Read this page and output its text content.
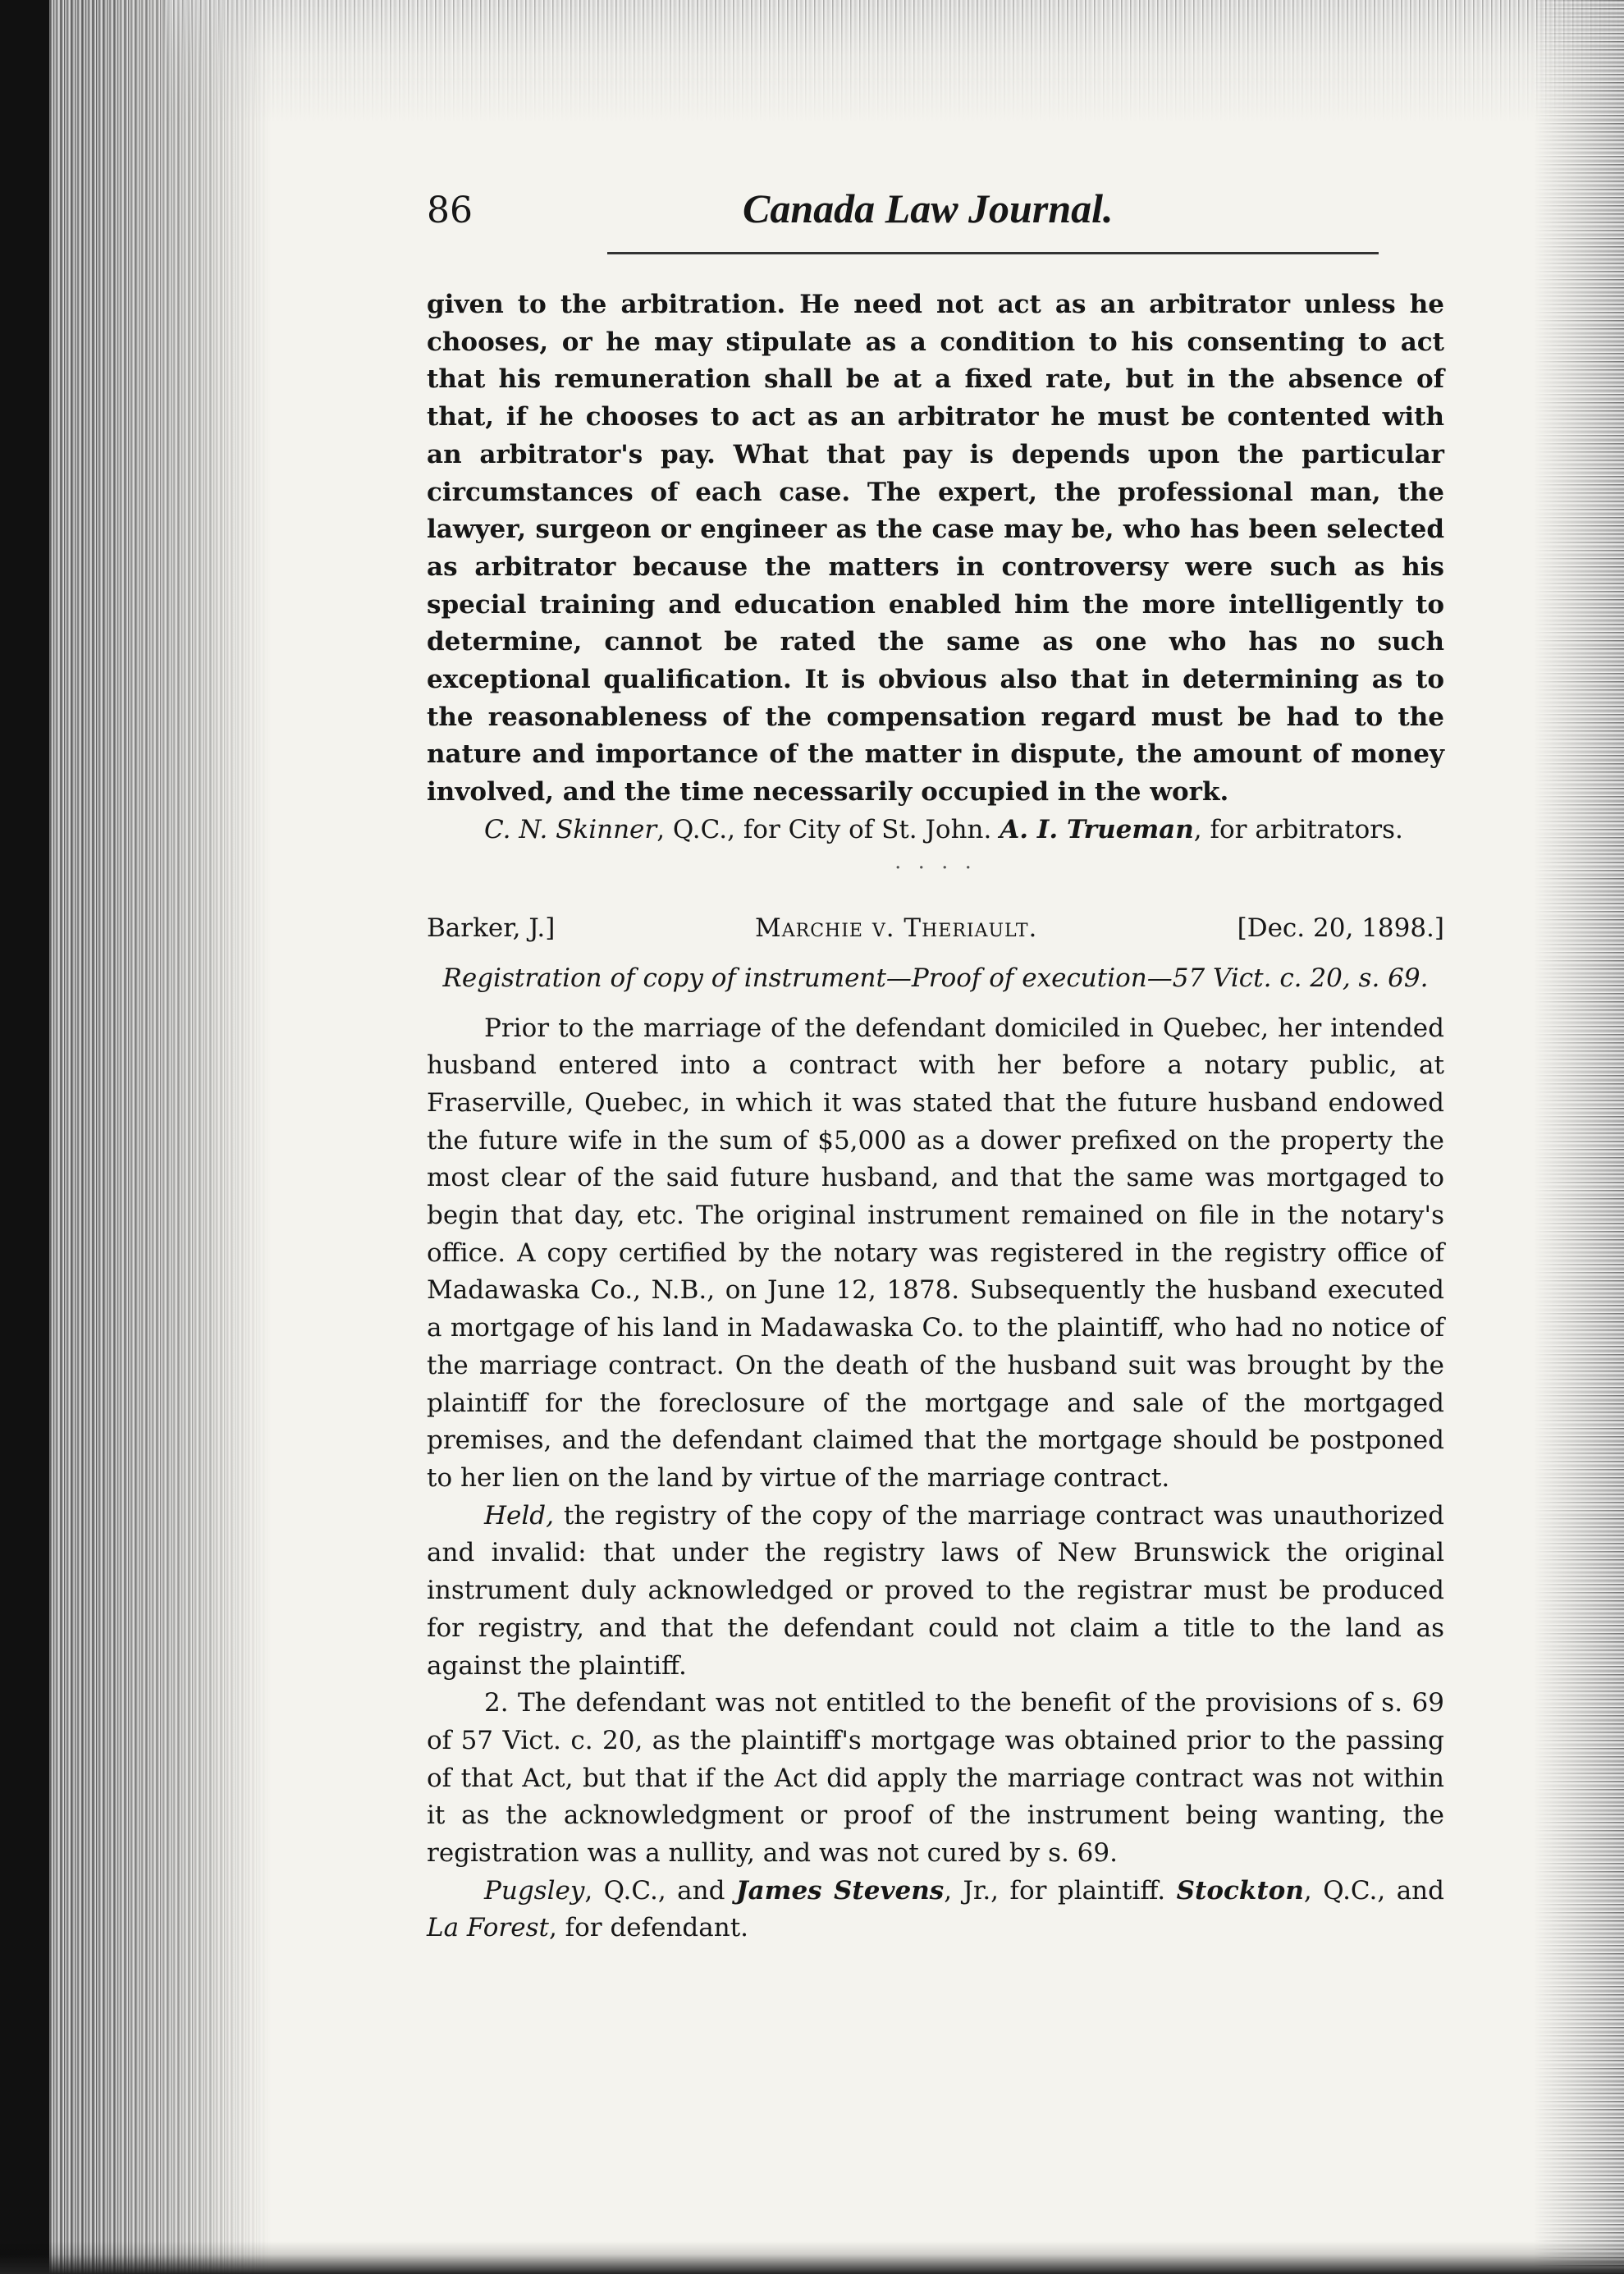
86	Canada Law Journal.

given to the arbitration. He need not act as an arbitrator unless he chooses, or he may stipulate as a condition to his consenting to act that his remuneration shall be at a fixed rate, but in the absence of that, if he chooses to act as an arbitrator he must be contented with an arbitrator's pay. What that pay is depends upon the particular circumstances of each case. The expert, the professional man, the lawyer, surgeon or engineer as the case may be, who has been selected as arbitrator because the matters in controversy were such as his special training and education enabled him the more intelligently to determine, cannot be rated the same as one who has no such exceptional qualification. It is obvious also that in determining as to the reasonableness of the compensation regard must be had to the nature and importance of the matter in dispute, the amount of money involved, and the time necessarily occupied in the work.

C. N. Skinner, Q.C., for City of St. John. A. I. Trueman, for arbitrators.

· · · ·

Barker, J.]	Marchie v. Theriault.	[Dec. 20, 1898.]

Registration of copy of instrument—Proof of execution—57 Vict. c. 20, s. 69.

Prior to the marriage of the defendant domiciled in Quebec, her intended husband entered into a contract with her before a notary public, at Fraserville, Quebec, in which it was stated that the future husband endowed the future wife in the sum of $5,000 as a dower prefixed on the property the most clear of the said future husband, and that the same was mortgaged to begin that day, etc. The original instrument remained on file in the notary's office. A copy certified by the notary was registered in the registry office of Madawaska Co., N.B., on June 12, 1878. Subsequently the husband executed a mortgage of his land in Madawaska Co. to the plaintiff, who had no notice of the marriage contract. On the death of the husband suit was brought by the plaintiff for the foreclosure of the mortgage and sale of the mortgaged premises, and the defendant claimed that the mortgage should be postponed to her lien on the land by virtue of the marriage contract.

Held, the registry of the copy of the marriage contract was unauthorized and invalid: that under the registry laws of New Brunswick the original instrument duly acknowledged or proved to the registrar must be produced for registry, and that the defendant could not claim a title to the land as against the plaintiff.

2. The defendant was not entitled to the benefit of the provisions of s. 69 of 57 Vict. c. 20, as the plaintiff's mortgage was obtained prior to the passing of that Act, but that if the Act did apply the marriage contract was not within it as the acknowledgment or proof of the instrument being wanting, the registration was a nullity, and was not cured by s. 69.

Pugsley, Q.C., and James Stevens, Jr., for plaintiff. Stockton, Q.C., and La Forest, for defendant.
